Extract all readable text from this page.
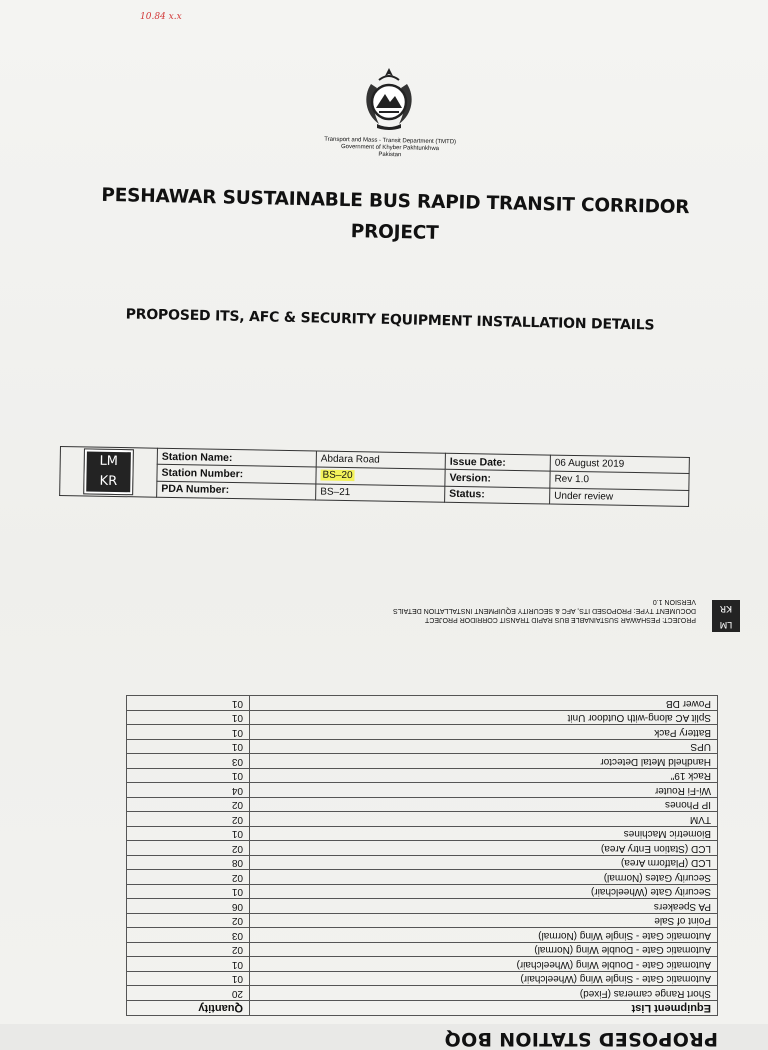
10.84 x.x
Transport and Mass - Transit Department (TMTD)
Government of Khyber Pakhtunkhwa
Pakistan
PESHAWAR SUSTAINABLE BUS RAPID TRANSIT CORRIDOR
PROJECT
PROPOSED ITS, AFC & SECURITY EQUIPMENT INSTALLATION DETAILS
LM
KR	Station Name:	Abdara Road	Issue Date:	06 August 2019
	Station Number:	BS–20	Version:	Rev 1.0
	PDA Number:	BS–21	Status:	Under review
LM
KR
PROJECT: PESHAWAR SUSTAINABLE BUS RAPID TRANSIT CORRIDOR PROJECT
DOCUMENT TYPE: PROPOSED ITS, AFC & SECURITY EQUIPMENT INSTALLATION DETAILS
VERSION 1.0
PROPOSED STATION BOQ
Equipment List	Quantity
Short Range cameras (Fixed)	20
Automatic Gate - Single Wing (Wheelchair)	01
Automatic Gate - Double Wing (Wheelchair)	01
Automatic Gate - Double Wing (Normal)	02
Automatic Gate - Single Wing (Normal)	03
Point of Sale	02
PA Speakers	06
Security Gate (Wheelchair)	01
Security Gates (Normal)	02
LCD (Platform Area)	08
LCD (Station Entry Area)	02
Biometric Machines	01
TVM	02
IP Phones	02
Wi-Fi Router	04
Rack 19"	01
Handheld Metal Detector	03
UPS	01
Battery Pack	01
Split AC along-with Outdoor Unit	01
Power DB	01
